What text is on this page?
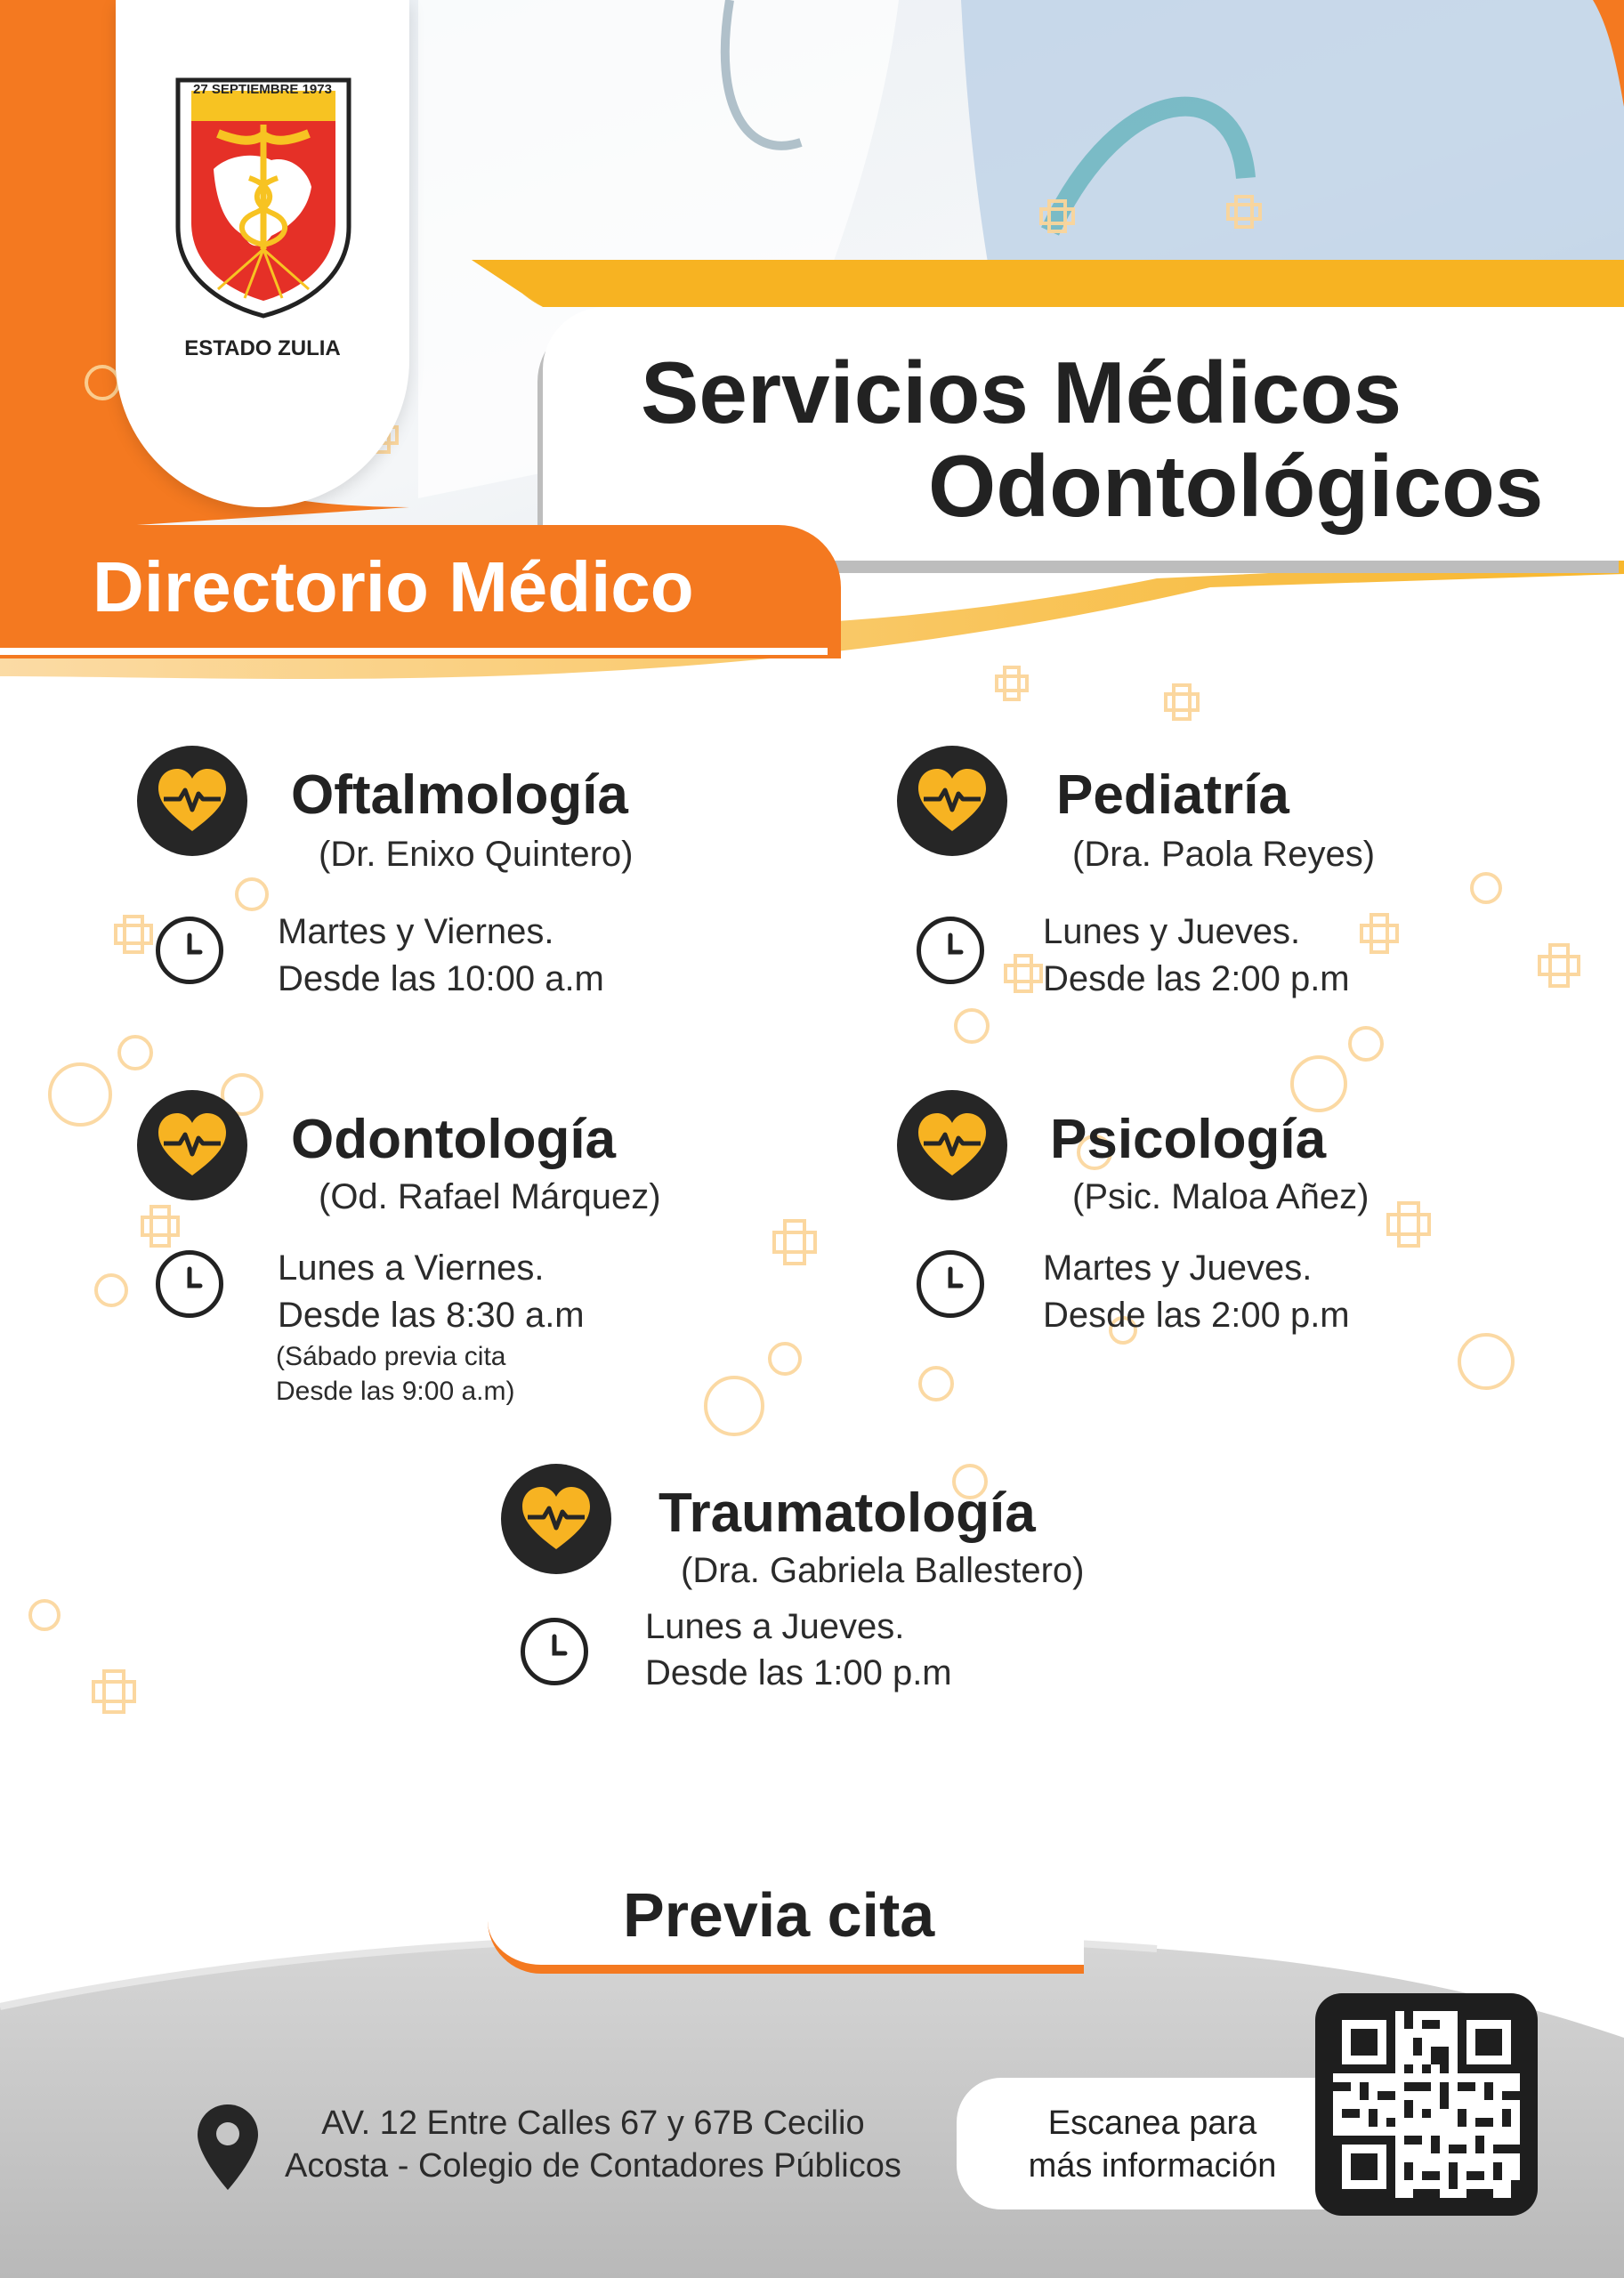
27 SEPTIEMBRE 1973
ESTADO ZULIA	Servicios Médicos
Odontológicos
Directorio Médico
Oftalmología
(Dr. Enixo Quintero)
Martes y Viernes.
Desde las 10:00 a.m
Pediatría
(Dra. Paola Reyes)
Lunes y Jueves.
Desde las 2:00 p.m
Odontología
(Od. Rafael Márquez)
Lunes a Viernes.
Desde las 8:30 a.m
(Sábado previa cita
Desde las 9:00 a.m)
Psicología
(Psic. Maloa Añez)
Martes y Jueves.
Desde las 2:00 p.m
Traumatología
(Dra. Gabriela Ballestero)
Lunes a Jueves.
Desde las 1:00 p.m
Previa cita
AV. 12 Entre Calles 67 y 67B Cecilio
Acosta - Colegio de Contadores Públicos
Escanea para
más información
